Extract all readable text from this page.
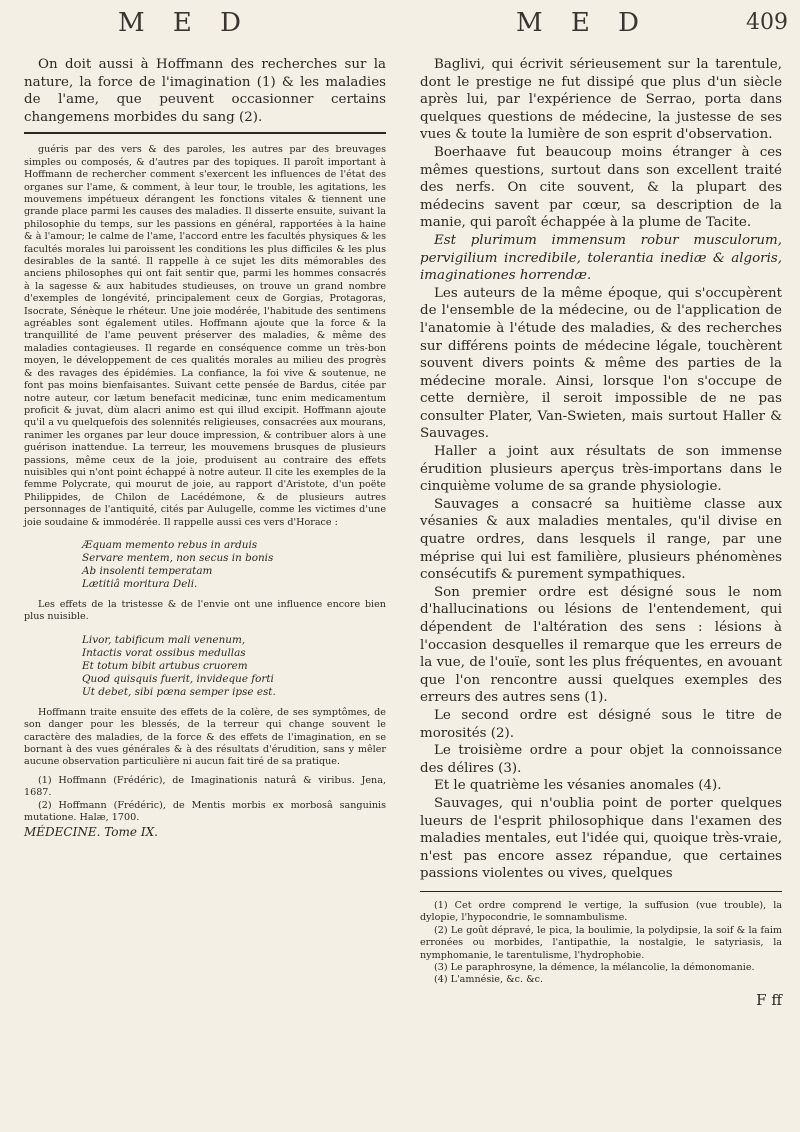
M E D	M E D	409

On doit aussi à Hoffmann des recherches sur la nature, la force de l'imagination (1) & les maladies de l'ame, que peuvent occasionner certains changemens morbides du sang (2).

guéris par des vers & des paroles, les autres par des breuvages simples ou composés, & d'autres par des topiques. Il paroît important à Hoffmann de rechercher comment s'exercent les influences de l'état des organes sur l'ame, & comment, à leur tour, le trouble, les agitations, les mouvemens impétueux dérangent les fonctions vitales & tiennent une grande place parmi les causes des maladies. Il disserte ensuite, suivant la philosophie du temps, sur les passions en général, rapportées à la haine & à l'amour; le calme de l'ame, l'accord entre les facultés physiques & les facultés morales lui paroissent les conditions les plus difficiles & les plus desirables de la santé. Il rappelle à ce sujet les dits mémorables des anciens philosophes qui ont fait sentir que, parmi les hommes consacrés à la sagesse & aux habitudes studieuses, on trouve un grand nombre d'exemples de longévité, principalement ceux de Gorgias, Protagoras, Isocrate, Sénèque le rhéteur. Une joie modérée, l'habitude des sentimens agréables sont également utiles. Hoffmann ajoute que la force & la tranquillité de l'ame peuvent préserver des maladies, & même des maladies contagieuses. Il regarde en conséquence comme un très-bon moyen, le développement de ces qualités morales au milieu des progrès & des ravages des épidémies. La confiance, la foi vive & soutenue, ne font pas moins bienfaisantes. Suivant cette pensée de Bardus, citée par notre auteur, cor lætum benefacit medicinæ, tunc enim medicamentum proficit & juvat, dùm alacri animo est qui illud excipit. Hoffmann ajoute qu'il a vu quelquefois des solennités religieuses, consacrées aux mourans, ranimer les organes par leur douce impression, & contribuer alors à une guérison inattendue. La terreur, les mouvemens brusques de plusieurs passions, même ceux de la joie, produisent au contraire des effets nuisibles qui n'ont point échappé à notre auteur. Il cite les exemples de la femme Polycrate, qui mourut de joie, au rapport d'Aristote, d'un poëte Philippides, de Chilon de Lacédémone, & de plusieurs autres personnages de l'antiquité, cités par Aulugelle, comme les victimes d'une joie soudaine & immodérée. Il rappelle aussi ces vers d'Horace :

Æquam memento rebus in arduis
Servare mentem, non secus in bonis
Ab insolenti temperatam
Lætitiâ moritura Deli.

Les effets de la tristesse & de l'envie ont une influence encore bien plus nuisible.

Livor, tabificum mali venenum,
Intactis vorat ossibus medullas
Et totum bibit artubus cruorem
Quod quisquis fuerit, invideque forti
Ut debet, sibi pœna semper ipse est.

Hoffmann traite ensuite des effets de la colère, de ses symptômes, de son danger pour les blessés, de la terreur qui change souvent le caractère des maladies, de la force & des effets de l'imagination, en se bornant à des vues générales & à des résultats d'érudition, sans y mêler aucune observation particulière ni aucun fait tiré de sa pratique.

(1) Hoffmann (Frédéric), de Imaginationis naturâ & viribus. Jena, 1687.

(2) Hoffmann (Frédéric), de Mentis morbis ex morbosâ sanguinis mutatione. Halæ, 1700.

MÉDECINE. Tome IX.

Baglivi, qui écrivit sérieusement sur la tarentule, dont le prestige ne fut dissipé que plus d'un siècle après lui, par l'expérience de Serrao, porta dans quelques questions de médecine, la justesse de ses vues & toute la lumière de son esprit d'observation.

Boerhaave fut beaucoup moins étranger à ces mêmes questions, surtout dans son excellent traité des nerfs. On cite souvent, & la plupart des médecins savent par cœur, sa description de la manie, qui paroît échappée à la plume de Tacite.

Est plurimum immensum robur musculorum, pervigilium incredibile, tolerantia inediæ & algoris, imaginationes horrendæ.

Les auteurs de la même époque, qui s'occupèrent de l'ensemble de la médecine, ou de l'application de l'anatomie à l'étude des maladies, & des recherches sur différens points de médecine légale, touchèrent souvent divers points & même des parties de la médecine morale. Ainsi, lorsque l'on s'occupe de cette dernière, il seroit impossible de ne pas consulter Plater, Van-Swieten, mais surtout Haller & Sauvages.

Haller a joint aux résultats de son immense érudition plusieurs aperçus très-importans dans le cinquième volume de sa grande physiologie.

Sauvages a consacré sa huitième classe aux vésanies & aux maladies mentales, qu'il divise en quatre ordres, dans lesquels il range, par une méprise qui lui est familière, plusieurs phénomènes consécutifs & purement sympathiques.

Son premier ordre est désigné sous le nom d'hallucinations ou lésions de l'entendement, qui dépendent de l'altération des sens : lésions à l'occasion desquelles il remarque que les erreurs de la vue, de l'ouïe, sont les plus fréquentes, en avouant que l'on rencontre aussi quelques exemples des erreurs des autres sens (1).

Le second ordre est désigné sous le titre de morosités (2).

Le troisième ordre a pour objet la connoissance des délires (3).

Et le quatrième les vésanies anomales (4).

Sauvages, qui n'oublia point de porter quelques lueurs de l'esprit philosophique dans l'examen des maladies mentales, eut l'idée qui, quoique très-vraie, n'est pas encore assez répandue, que certaines passions violentes ou vives, quelques

(1) Cet ordre comprend le vertige, la suffusion (vue trouble), la dylopie, l'hypocondrie, le somnambulisme.

(2) Le goût dépravé, le pica, la boulimie, la polydipsie, la soif & la faim erronées ou morbides, l'antipathie, la nostalgie, le satyriasis, la nymphomanie, le tarentulisme, l'hydrophobie.

(3) Le paraphrosyne, la démence, la mélancolie, la démonomanie.

(4) L'amnésie, &c. &c.

F ff
